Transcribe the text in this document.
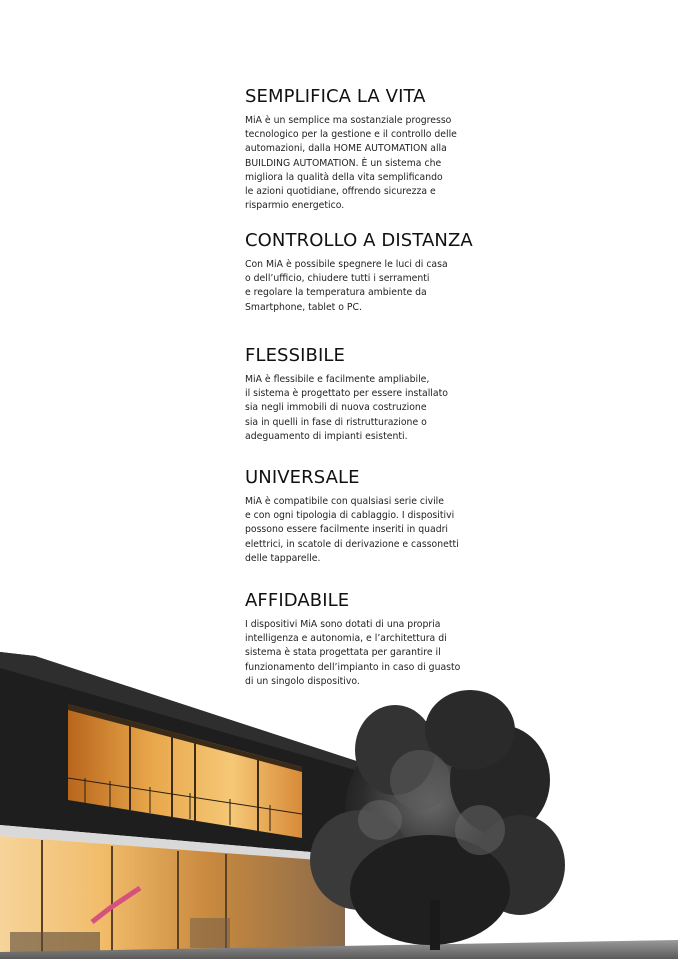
SEMPLIFICA LA VITA

MiA è un semplice ma sostanziale progresso
tecnologico per la gestione e il controllo delle
automazioni, dalla HOME AUTOMATION alla
BUILDING AUTOMATION. È un sistema che
migliora la qualità della vita semplificando
le azioni quotidiane, offrendo sicurezza e
risparmio energetico.

CONTROLLO A DISTANZA

Con MiA è possibile spegnere le luci di casa
o dell’ufficio, chiudere tutti i serramenti
e regolare la temperatura ambiente da
Smartphone, tablet o PC.

FLESSIBILE

MiA è flessibile e facilmente ampliabile,
il sistema è progettato per essere installato
sia negli immobili di nuova costruzione
sia in quelli in fase di ristrutturazione o
adeguamento di impianti esistenti.

UNIVERSALE

MiA è compatibile con qualsiasi serie civile
e con ogni tipologia di cablaggio. I dispositivi
possono essere facilmente inseriti in quadri
elettrici, in scatole di derivazione e cassonetti
delle tapparelle.

AFFIDABILE

I dispositivi MiA sono dotati di una propria
intelligenza e autonomia, e l’architettura di
sistema è stata progettata per garantire il
funzionamento dell’impianto in caso di guasto
di un singolo dispositivo.
